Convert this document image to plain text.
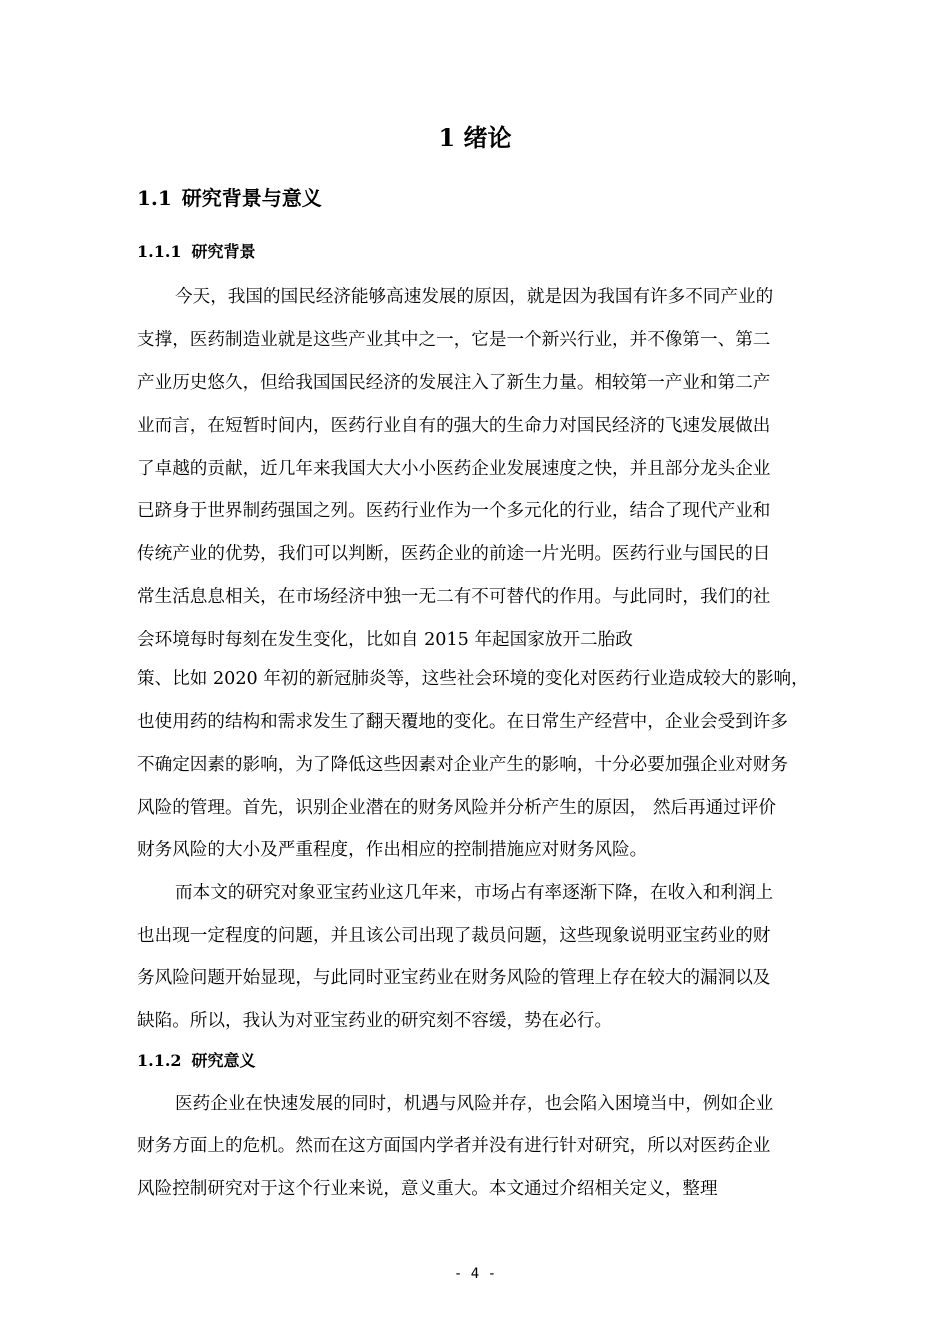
1 绪论
1.1 研究背景与意义
1.1.1 研究背景
今天，我国的国民经济能够高速发展的原因，就是因为我国有许多不同产业的
支撑，医药制造业就是这些产业其中之一，它是一个新兴行业，并不像第一、第二
产业历史悠久，但给我国国民经济的发展注入了新生力量。相较第一产业和第二产
业而言，在短暂时间内，医药行业自有的强大的生命力对国民经济的飞速发展做出
了卓越的贡献，近几年来我国大大小小医药企业发展速度之快，并且部分龙头企业
已跻身于世界制药强国之列。医药行业作为一个多元化的行业，结合了现代产业和
传统产业的优势，我们可以判断，医药企业的前途一片光明。医药行业与国民的日
常生活息息相关，在市场经济中独一无二有不可替代的作用。与此同时，我们的社
会环境每时每刻在发生变化，比如自 2015 年起国家放开二胎政
策、比如 2020 年初的新冠肺炎等，这些社会环境的变化对医药行业造成较大的影响，
也使用药的结构和需求发生了翻天覆地的变化。在日常生产经营中，企业会受到许多
不确定因素的影响，为了降低这些因素对企业产生的影响，十分必要加强企业对财务
风险的管理。首先，识别企业潜在的财务风险并分析产生的原因， 然后再通过评价
财务风险的大小及严重程度，作出相应的控制措施应对财务风险。
而本文的研究对象亚宝药业这几年来，市场占有率逐渐下降，在收入和利润上
也出现一定程度的问题，并且该公司出现了裁员问题，这些现象说明亚宝药业的财
务风险问题开始显现，与此同时亚宝药业在财务风险的管理上存在较大的漏洞以及
缺陷。所以，我认为对亚宝药业的研究刻不容缓，势在必行。
1.1.2 研究意义
医药企业在快速发展的同时，机遇与风险并存，也会陷入困境当中，例如企业
财务方面上的危机。然而在这方面国内学者并没有进行针对研究，所以对医药企业
风险控制研究对于这个行业来说，意义重大。本文通过介绍相关定义，整理
- 4 -
